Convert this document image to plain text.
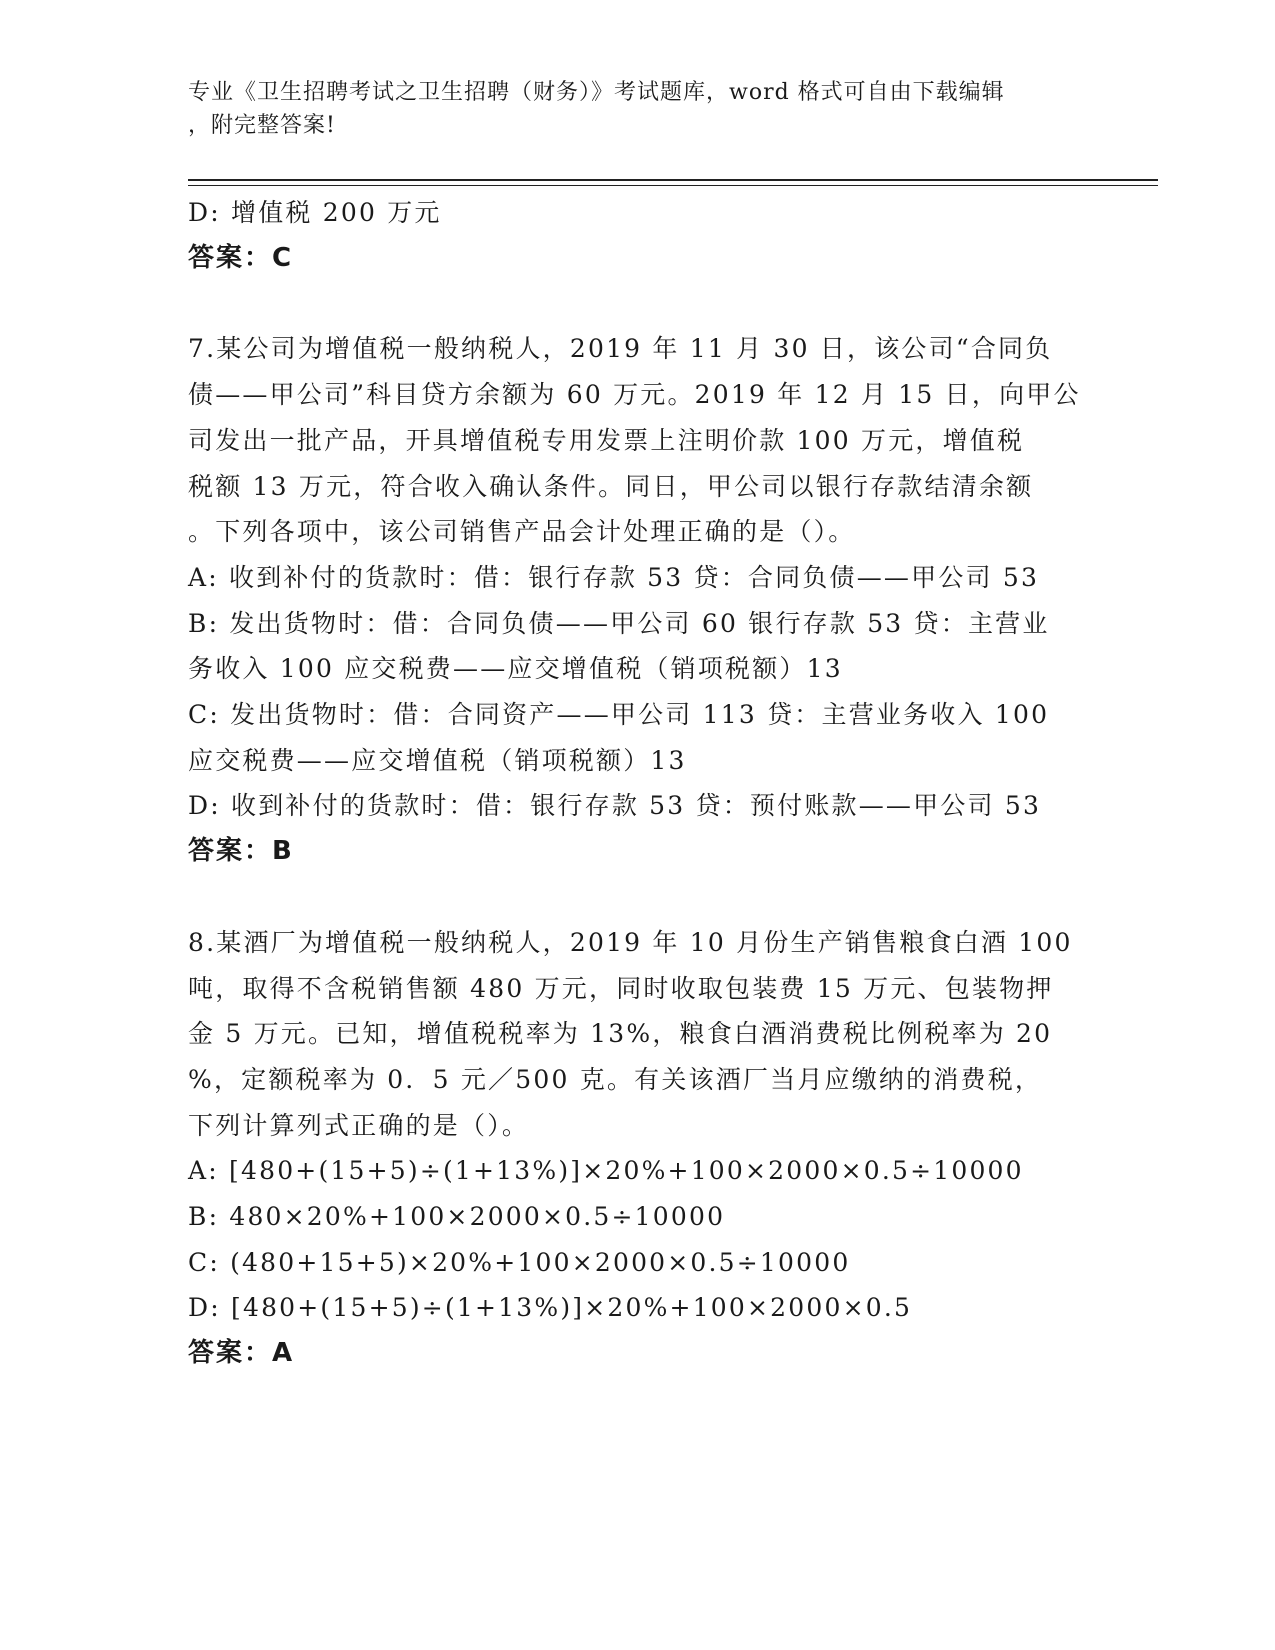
专业《卫生招聘考试之卫生招聘（财务）》考试题库，word 格式可自由下载编辑
，附完整答案!
D: 增值税 200 万元
答案：C
7.某公司为增值税一般纳税人，2019 年 11 月 30 日，该公司“合同负
债——甲公司”科目贷方余额为 60 万元。2019 年 12 月 15 日，向甲公
司发出一批产品，开具增值税专用发票上注明价款 100 万元，增值税
税额 13 万元，符合收入确认条件。同日，甲公司以银行存款结清余额
。下列各项中，该公司销售产品会计处理正确的是（）。
A: 收到补付的货款时：借：银行存款 53 贷：合同负债——甲公司 53
B: 发出货物时：借：合同负债——甲公司 60 银行存款 53 贷：主营业
务收入 100 应交税费——应交增值税（销项税额）13
C: 发出货物时：借：合同资产——甲公司 113 贷：主营业务收入 100
应交税费——应交增值税（销项税额）13
D: 收到补付的货款时：借：银行存款 53 贷：预付账款——甲公司 53
答案：B
8.某酒厂为增值税一般纳税人，2019 年 10 月份生产销售粮食白酒 100
吨，取得不含税销售额 480 万元，同时收取包装费 15 万元、包装物押
金 5 万元。已知，增值税税率为 13%，粮食白酒消费税比例税率为 20
%，定额税率为 0．5 元／500 克。有关该酒厂当月应缴纳的消费税，
下列计算列式正确的是（）。
A: [480+(15+5)÷(1+13%)]×20%+100×2000×0.5÷10000
B: 480×20%+100×2000×0.5÷10000
C: (480+15+5)×20%+100×2000×0.5÷10000
D: [480+(15+5)÷(1+13%)]×20%+100×2000×0.5
答案：A
